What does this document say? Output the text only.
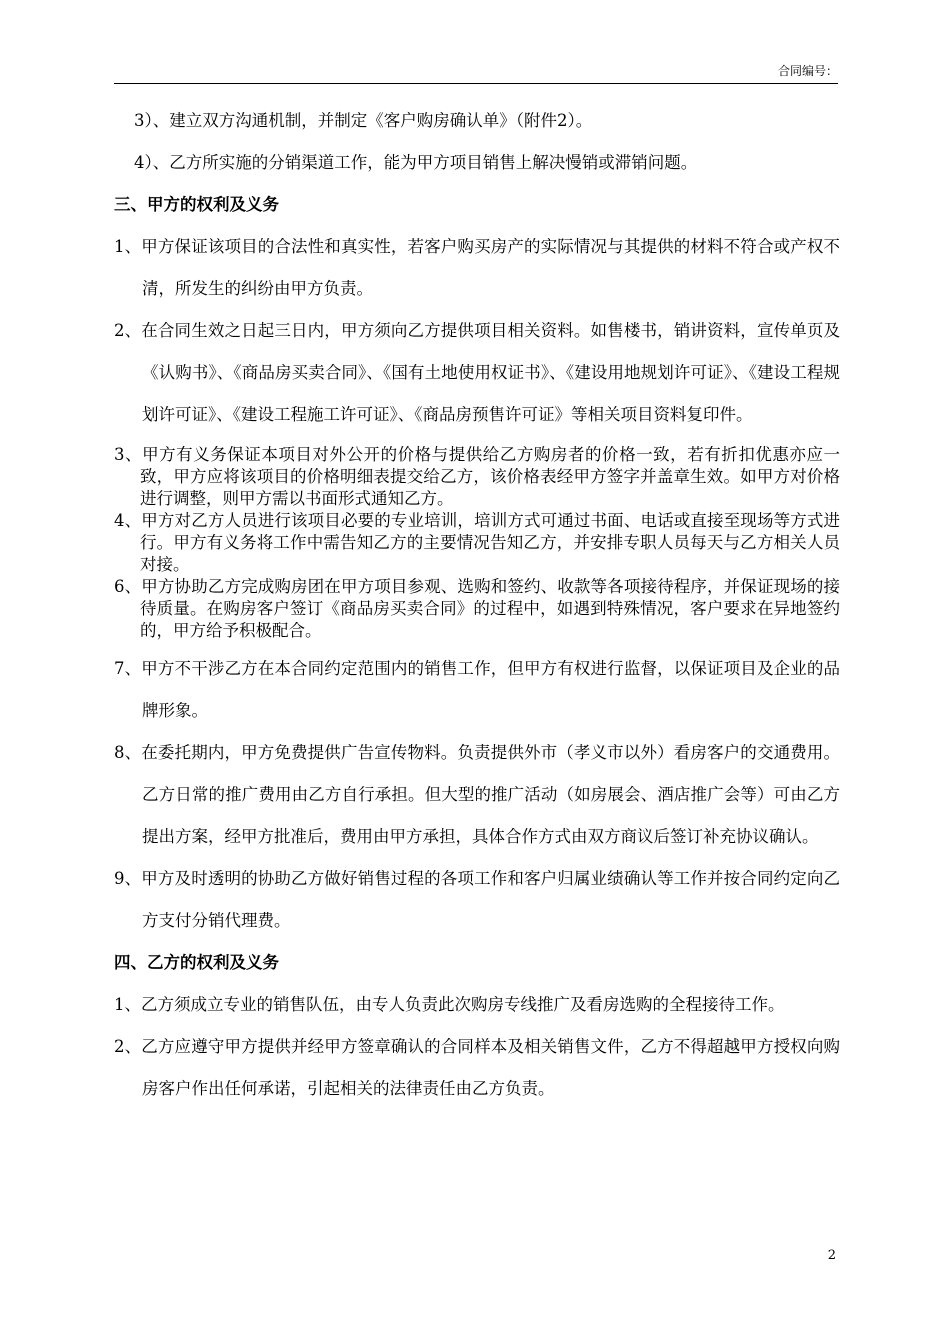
合同编号：

3）、建立双方沟通机制，并制定《客户购房确认单》（附件2）。

4）、乙方所实施的分销渠道工作，能为甲方项目销售上解决慢销或滞销问题。

三、甲方的权利及义务

1、甲方保证该项目的合法性和真实性，若客户购买房产的实际情况与其提供的材料不符合或产权不清，所发生的纠纷由甲方负责。

2、在合同生效之日起三日内，甲方须向乙方提供项目相关资料。如售楼书，销讲资料，宣传单页及《认购书》、《商品房买卖合同》、《国有土地使用权证书》、《建设用地规划许可证》、《建设工程规划许可证》、《建设工程施工许可证》、《商品房预售许可证》等相关项目资料复印件。

3、甲方有义务保证本项目对外公开的价格与提供给乙方购房者的价格一致，若有折扣优惠亦应一致，甲方应将该项目的价格明细表提交给乙方，该价格表经甲方签字并盖章生效。如甲方对价格进行调整，则甲方需以书面形式通知乙方。

4、甲方对乙方人员进行该项目必要的专业培训，培训方式可通过书面、电话或直接至现场等方式进行。甲方有义务将工作中需告知乙方的主要情况告知乙方，并安排专职人员每天与乙方相关人员对接。

6、甲方协助乙方完成购房团在甲方项目参观、选购和签约、收款等各项接待程序，并保证现场的接待质量。在购房客户签订《商品房买卖合同》的过程中，如遇到特殊情况，客户要求在异地签约的，甲方给予积极配合。

7、甲方不干涉乙方在本合同约定范围内的销售工作，但甲方有权进行监督，以保证项目及企业的品牌形象。

8、在委托期内，甲方免费提供广告宣传物料。负责提供外市（孝义市以外）看房客户的交通费用。乙方日常的推广费用由乙方自行承担。但大型的推广活动（如房展会、酒店推广会等）可由乙方提出方案，经甲方批准后，费用由甲方承担，具体合作方式由双方商议后签订补充协议确认。

9、甲方及时透明的协助乙方做好销售过程的各项工作和客户归属业绩确认等工作并按合同约定向乙方支付分销代理费。

四、乙方的权利及义务

1、乙方须成立专业的销售队伍，由专人负责此次购房专线推广及看房选购的全程接待工作。

2、乙方应遵守甲方提供并经甲方签章确认的合同样本及相关销售文件，乙方不得超越甲方授权向购房客户作出任何承诺，引起相关的法律责任由乙方负责。

2
